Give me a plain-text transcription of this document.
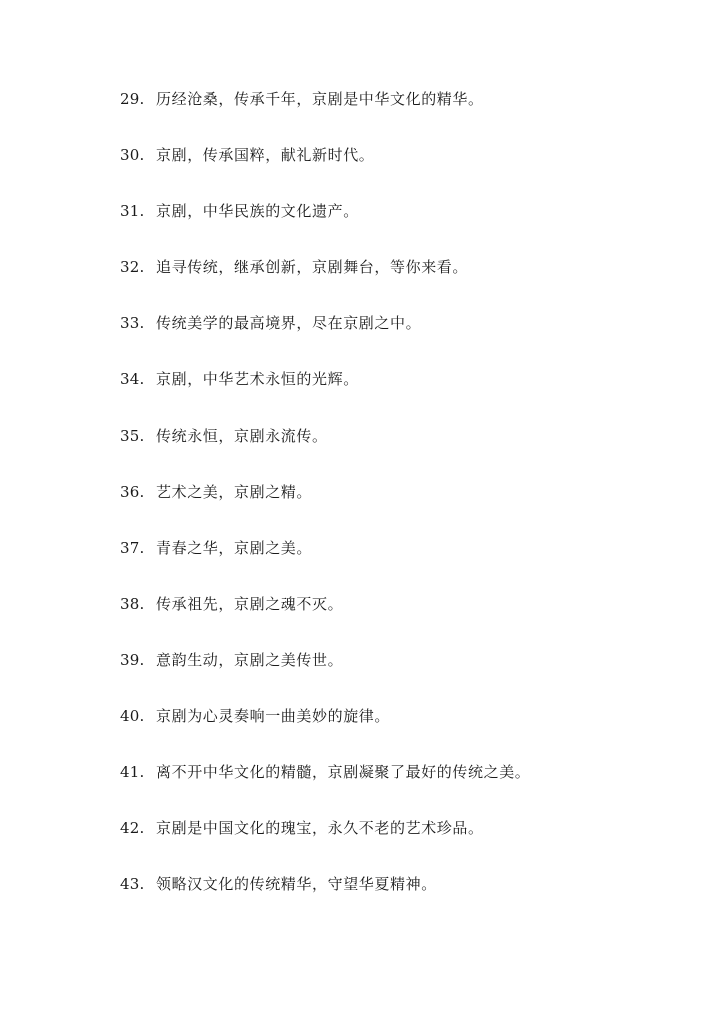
29. 历经沧桑，传承千年，京剧是中华文化的精华。
30. 京剧，传承国粹，献礼新时代。
31. 京剧，中华民族的文化遗产。
32. 追寻传统，继承创新，京剧舞台，等你来看。
33. 传统美学的最高境界，尽在京剧之中。
34. 京剧，中华艺术永恒的光辉。
35. 传统永恒，京剧永流传。
36. 艺术之美，京剧之精。
37. 青春之华，京剧之美。
38. 传承祖先，京剧之魂不灭。
39. 意韵生动，京剧之美传世。
40. 京剧为心灵奏响一曲美妙的旋律。
41. 离不开中华文化的精髓，京剧凝聚了最好的传统之美。
42. 京剧是中国文化的瑰宝，永久不老的艺术珍品。
43. 领略汉文化的传统精华，守望华夏精神。
